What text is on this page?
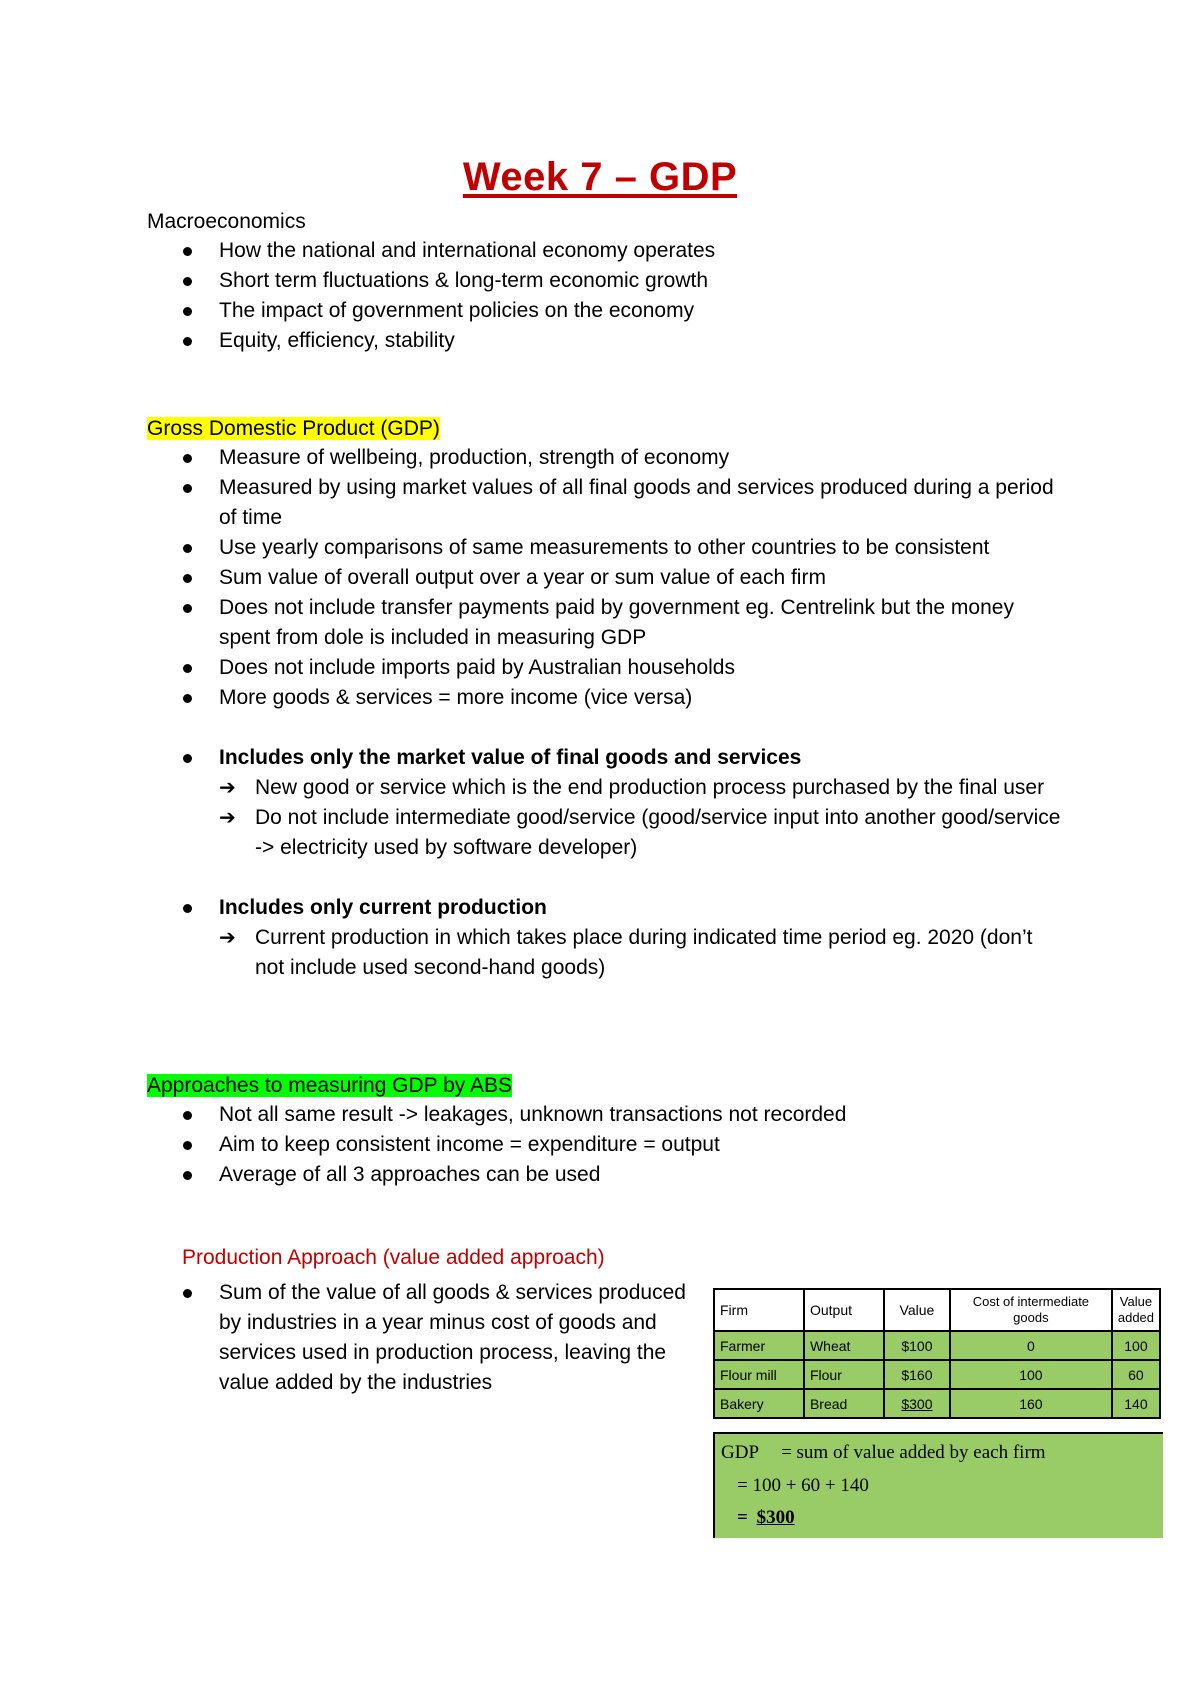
Week 7 – GDP
Macroeconomics
How the national and international economy operates
Short term fluctuations & long-term economic growth
The impact of government policies on the economy
Equity, efficiency, stability
Gross Domestic Product (GDP)
Measure of wellbeing, production, strength of economy
Measured by using market values of all final goods and services produced during a period of time
Use yearly comparisons of same measurements to other countries to be consistent
Sum value of overall output over a year or sum value of each firm
Does not include transfer payments paid by government eg. Centrelink but the money spent from dole is included in measuring GDP
Does not include imports paid by Australian households
More goods & services = more income (vice versa)
Includes only the market value of final goods and services
➔ New good or service which is the end production process purchased by the final user
➔ Do not include intermediate good/service (good/service input into another good/service -> electricity used by software developer)
Includes only current production
➔ Current production in which takes place during indicated time period eg. 2020 (don’t not include used second-hand goods)
Approaches to measuring GDP by ABS
Not all same result -> leakages, unknown transactions not recorded
Aim to keep consistent income = expenditure = output
Average of all 3 approaches can be used
Production Approach (value added approach)
Sum of the value of all goods & services produced by industries in a year minus cost of goods and services used in production process, leaving the value added by the industries
Firm	Output	Value	Cost of intermediate goods	Value added
Farmer	Wheat	$100	0	100
Flour mill	Flour	$160	100	60
Bakery	Bread	$300	160	140
GDP = sum of value added by each firm
= 100 + 60 + 140
= $300
